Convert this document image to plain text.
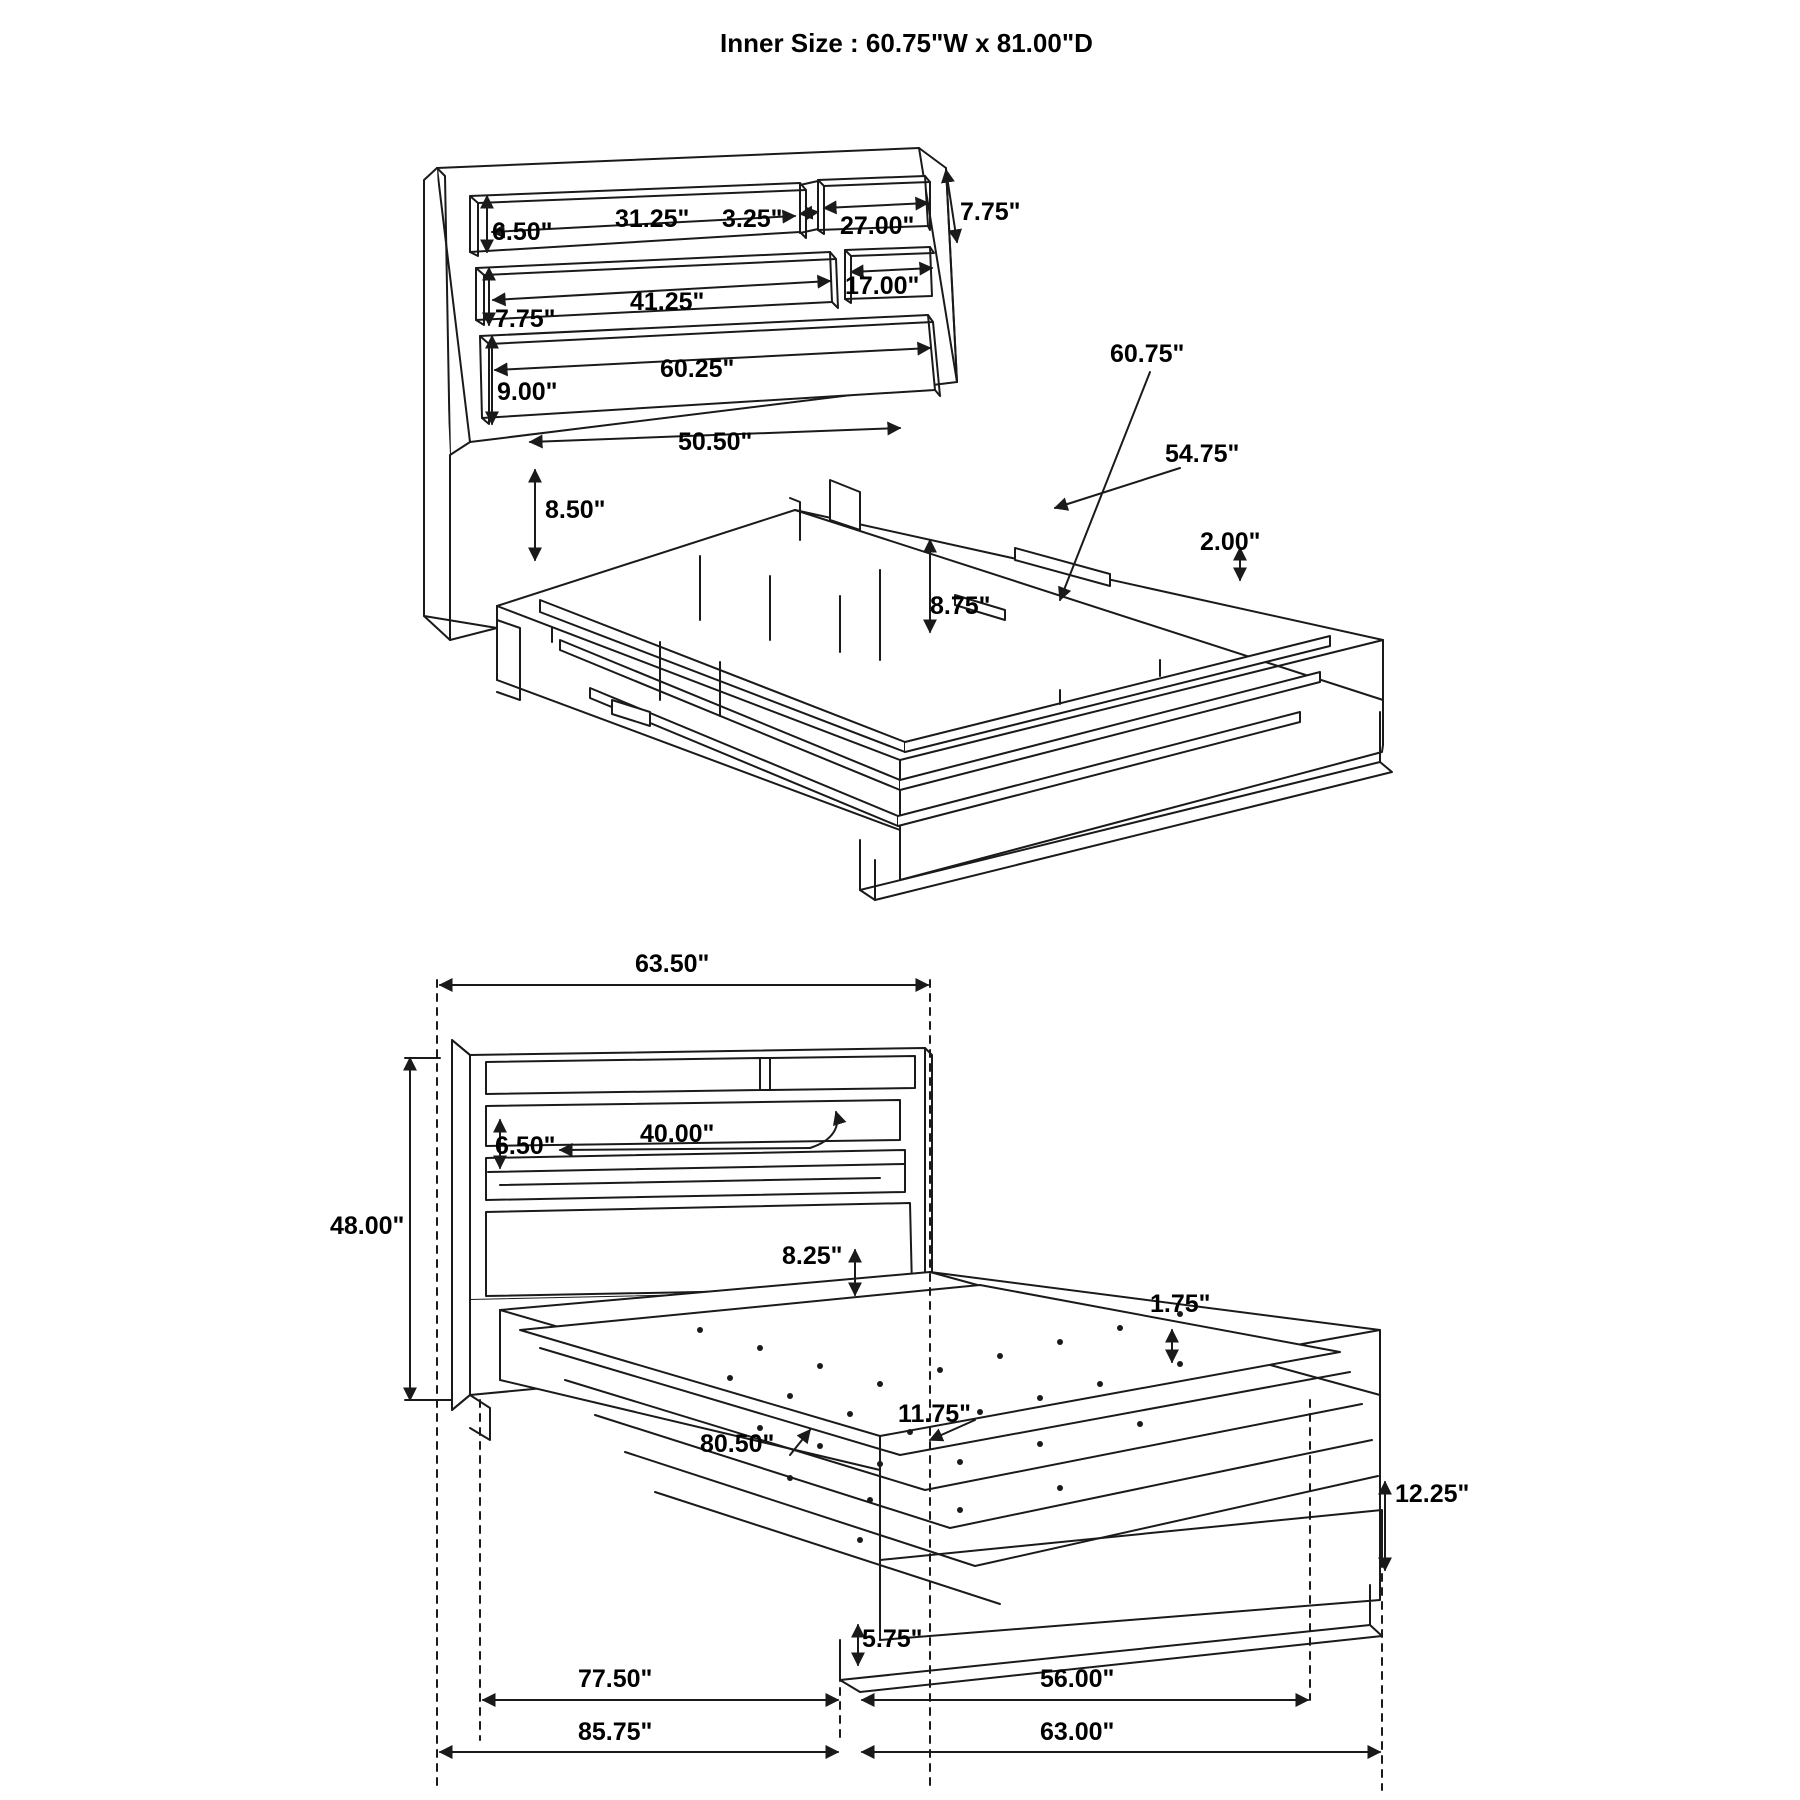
Inner Size : 60.75"W x 81.00"D
6.50" 31.25" 3.25" 27.00" 7.75"
41.25"
17.00"
7.75"
60.25"
9.00"
50.50"
8.50"
60.75"
54.75"
2.00"
8.75"
63.50"
48.00"
6.50"	40.00"
8.25"
1.75"
11.75"
80.50"
12.25"
5.75"
77.50"	56.00"
85.75"	63.00"
